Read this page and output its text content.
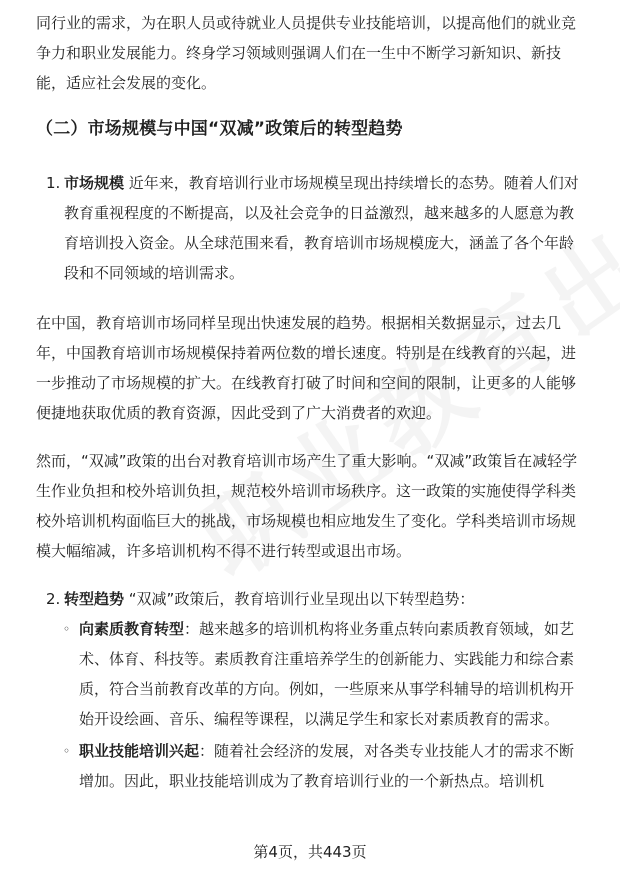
同行业的需求，为在职人员或待就业人员提供专业技能培训，以提高他们的就业竞争力和职业发展能力。终身学习领域则强调人们在一生中不断学习新知识、新技能，适应社会发展的变化。

（二）市场规模与中国“双减”政策后的转型趋势
1. 市场规模 近年来，教育培训行业市场规模呈现出持续增长的态势。随着人们对教育重视程度的不断提高，以及社会竞争的日益激烈，越来越多的人愿意为教育培训投入资金。从全球范围来看，教育培训市场规模庞大，涵盖了各个年龄段和不同领域的培训需求。

在中国，教育培训市场同样呈现出快速发展的趋势。根据相关数据显示，过去几年，中国教育培训市场规模保持着两位数的增长速度。特别是在线教育的兴起，进一步推动了市场规模的扩大。在线教育打破了时间和空间的限制，让更多的人能够便捷地获取优质的教育资源，因此受到了广大消费者的欢迎。

然而，“双减”政策的出台对教育培训市场产生了重大影响。“双减”政策旨在减轻学生作业负担和校外培训负担，规范校外培训市场秩序。这一政策的实施使得学科类校外培训机构面临巨大的挑战，市场规模也相应地发生了变化。学科类培训市场规模大幅缩减，许多培训机构不得不进行转型或退出市场。

2. 转型趋势 “双减”政策后，教育培训行业呈现出以下转型趋势：
◦ 向素质教育转型：越来越多的培训机构将业务重点转向素质教育领域，如艺术、体育、科技等。素质教育注重培养学生的创新能力、实践能力和综合素质，符合当前教育改革的方向。例如，一些原来从事学科辅导的培训机构开始开设绘画、音乐、编程等课程，以满足学生和家长对素质教育的需求。
◦ 职业技能培训兴起：随着社会经济的发展，对各类专业技能人才的需求不断增加。因此，职业技能培训成为了教育培训行业的一个新热点。培训机
第4页，共443页
